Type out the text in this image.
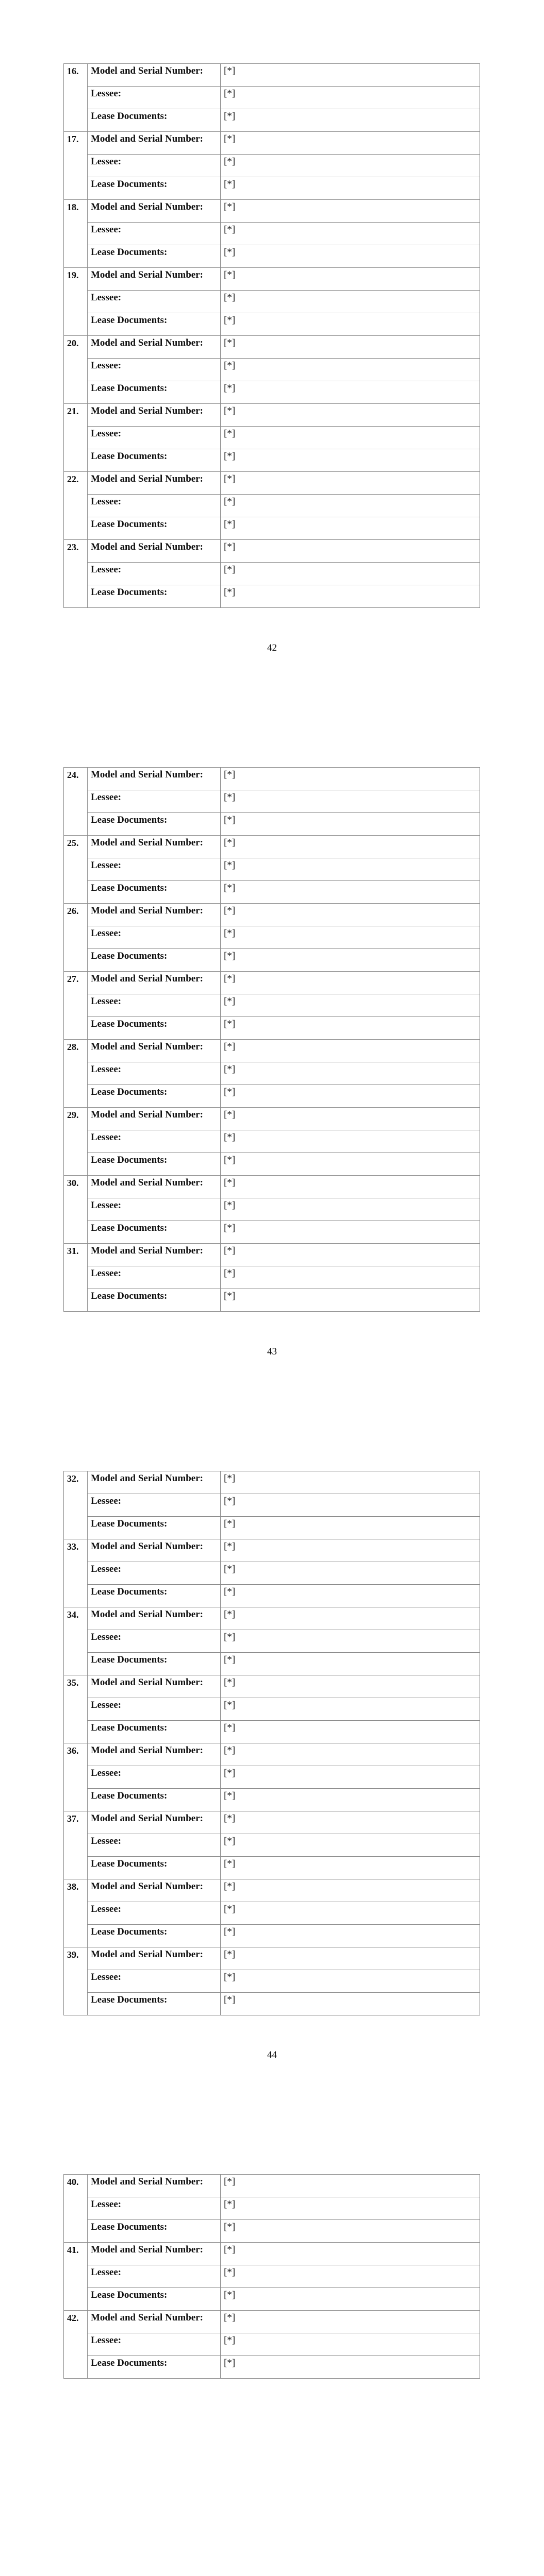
16.	Model and Serial Number:	[*]

	Lessee:	[*]

	Lease Documents:	[*]

17.	Model and Serial Number:	[*]

	Lessee:	[*]

	Lease Documents:	[*]

18.	Model and Serial Number:	[*]

	Lessee:	[*]

	Lease Documents:	[*]

19.	Model and Serial Number:	[*]

	Lessee:	[*]

	Lease Documents:	[*]

20.	Model and Serial Number:	[*]

	Lessee:	[*]

	Lease Documents:	[*]

21.	Model and Serial Number:	[*]

	Lessee:	[*]

	Lease Documents:	[*]

22.	Model and Serial Number:	[*]

	Lessee:	[*]

	Lease Documents:	[*]

23.	Model and Serial Number:	[*]

	Lessee:	[*]

	Lease Documents:	[*]
42
24.	Model and Serial Number:	[*]

	Lessee:	[*]

	Lease Documents:	[*]

25.	Model and Serial Number:	[*]

	Lessee:	[*]

	Lease Documents:	[*]

26.	Model and Serial Number:	[*]

	Lessee:	[*]

	Lease Documents:	[*]

27.	Model and Serial Number:	[*]

	Lessee:	[*]

	Lease Documents:	[*]

28.	Model and Serial Number:	[*]

	Lessee:	[*]

	Lease Documents:	[*]

29.	Model and Serial Number:	[*]

	Lessee:	[*]

	Lease Documents:	[*]

30.	Model and Serial Number:	[*]

	Lessee:	[*]

	Lease Documents:	[*]

31.	Model and Serial Number:	[*]

	Lessee:	[*]

	Lease Documents:	[*]
43
32.	Model and Serial Number:	[*]

	Lessee:	[*]

	Lease Documents:	[*]

33.	Model and Serial Number:	[*]

	Lessee:	[*]

	Lease Documents:	[*]

34.	Model and Serial Number:	[*]

	Lessee:	[*]

	Lease Documents:	[*]

35.	Model and Serial Number:	[*]

	Lessee:	[*]

	Lease Documents:	[*]

36.	Model and Serial Number:	[*]

	Lessee:	[*]

	Lease Documents:	[*]

37.	Model and Serial Number:	[*]

	Lessee:	[*]

	Lease Documents:	[*]

38.	Model and Serial Number:	[*]

	Lessee:	[*]

	Lease Documents:	[*]

39.	Model and Serial Number:	[*]

	Lessee:	[*]

	Lease Documents:	[*]
44
40.	Model and Serial Number:	[*]

	Lessee:	[*]

	Lease Documents:	[*]

41.	Model and Serial Number:	[*]

	Lessee:	[*]

	Lease Documents:	[*]

42.	Model and Serial Number:	[*]

	Lessee:	[*]

	Lease Documents:	[*]
